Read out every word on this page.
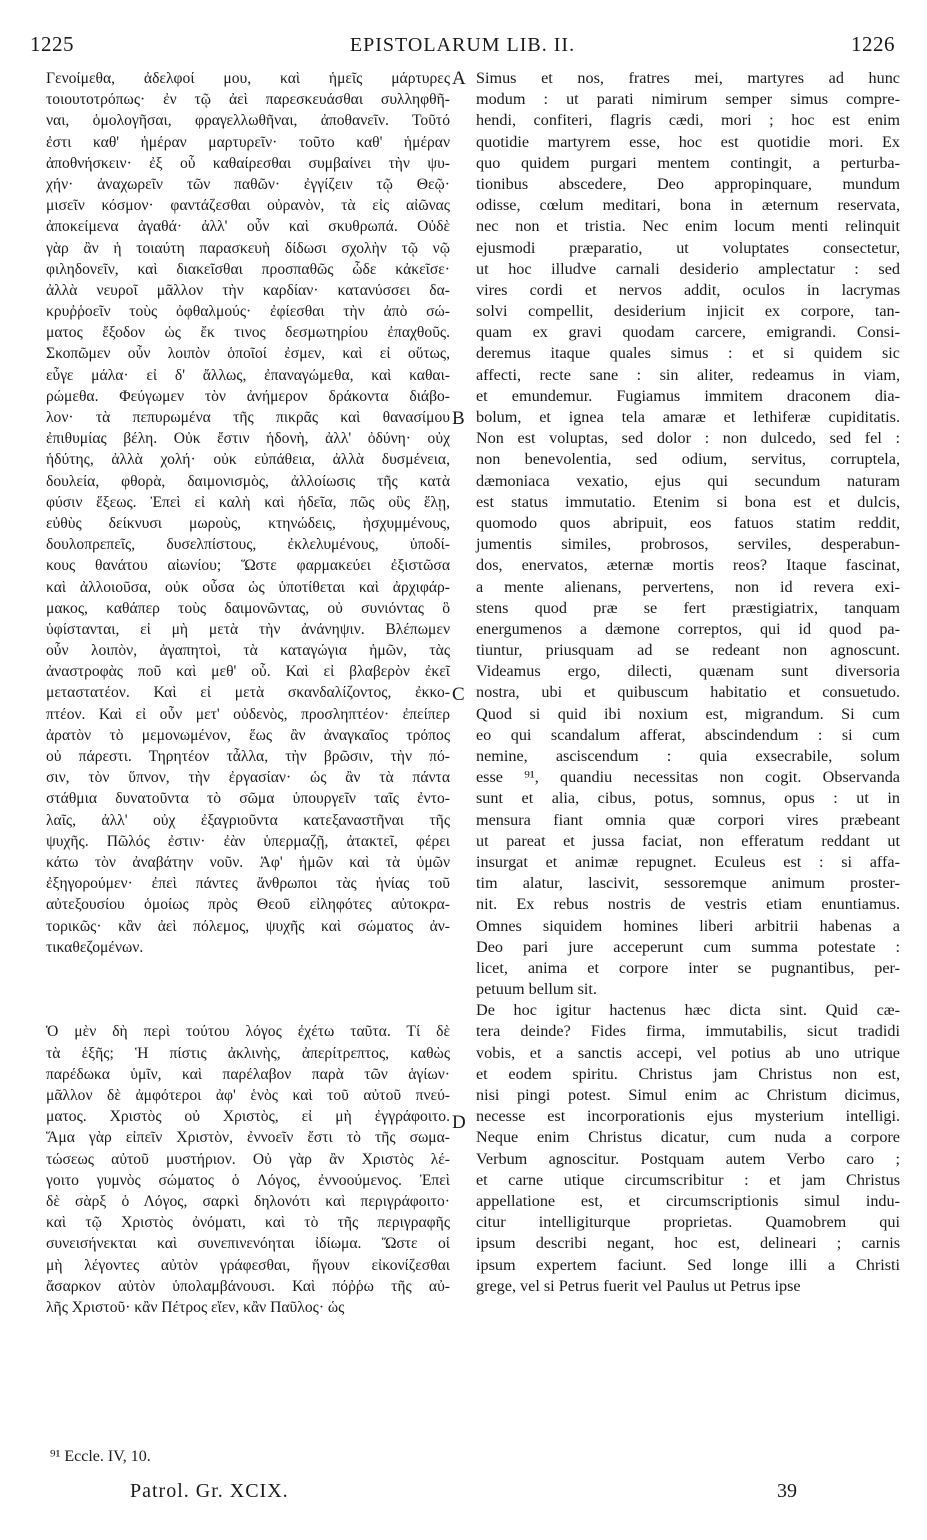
1225	EPISTOLARUM LIB. II.	1226
Γενοίμεθα, ἀδελφοί μου, καὶ ἡμεῖς μάρτυρες
τοιουτοτρόπως· ἐν τῷ ἀεὶ παρεσκευάσθαι συλληφθῆ-
ναι, ὁμολογῆσαι, φραγελλωθῆναι, ἀποθανεῖν. Τοῦτό
ἐστι καθ' ἡμέραν μαρτυρεῖν· τοῦτο καθ' ἡμέραν
ἀποθνήσκειν· ἐξ οὗ καθαίρεσθαι συμβαίνει τὴν ψυ-
χήν· ἀναχωρεῖν τῶν παθῶν· ἐγγίζειν τῷ Θεῷ·
μισεῖν κόσμον· φαντάζεσθαι οὐρανὸν, τὰ εἰς αἰῶνας
ἀποκείμενα ἀγαθά· ἀλλ' οὖν καὶ σκυθρωπά. Οὐδὲ
γὰρ ἂν ἡ τοιαύτη παρασκευὴ δίδωσι σχολὴν τῷ νῷ
φιληδονεῖν, καὶ διακεῖσθαι προσπαθῶς ὧδε κἀκεῖσε·
ἀλλὰ νευροῖ μᾶλλον τὴν καρδίαν· κατανύσσει δα-
κρυῤῥοεῖν τοὺς ὀφθαλμούς· ἐφίεσθαι τὴν ἀπὸ σώ-
ματος ἔξοδον ὡς ἔκ τινος δεσμωτηρίου ἐπαχθοῦς.
Σκοπῶμεν οὖν λοιπὸν ὁποῖοί ἐσμεν, καὶ εἰ οὕτως,
εὖγε μάλα· εἰ δ' ἄλλως, ἐπαναγώμεθα, καὶ καθαι-
ρώμεθα. Φεύγωμεν τὸν ἀνήμερον δράκοντα διάβο-
λον· τὰ πεπυρωμένα τῆς πικρᾶς καὶ θανασίμου
ἐπιθυμίας βέλη. Οὐκ ἔστιν ἡδονὴ, ἀλλ' ὀδύνη· οὐχ
ἡδύτης, ἀλλὰ χολή· οὐκ εὐπάθεια, ἀλλὰ δυσμένεια,
δουλεία, φθορὰ, δαιμονισμὸς, ἀλλοίωσις τῆς κατὰ
φύσιν ἕξεως. Ἐπεὶ εἰ καλὴ καὶ ἡδεῖα, πῶς οὓς ἕλῃ,
εὐθὺς δείκνυσι μωροὺς, κτηνώδεις, ἠσχυμμένους,
δουλοπρεπεῖς, δυσελπίστους, ἐκλελυμένους, ὑποδί-
κους θανάτου αἰωνίου; Ὥστε φαρμακεύει ἐξιστῶσα
καὶ ἀλλοιοῦσα, οὐκ οὖσα ὡς ὑποτίθεται καὶ ἀρχιφάρ-
μακος, καθάπερ τοὺς δαιμονῶντας, οὐ συνιόντας ὃ
ὑφίστανται, εἰ μὴ μετὰ τὴν ἀνάνηψιν. Βλέπωμεν
οὖν λοιπὸν, ἀγαπητοὶ, τὰ καταγώγια ἡμῶν, τὰς
ἀναστροφὰς ποῦ καὶ μεθ' οὗ. Καὶ εἰ βλαβερὸν ἐκεῖ
μεταστατέον. Καὶ εἰ μετὰ σκανδαλίζοντος, ἐκκο-
πτέον. Καὶ εἰ οὖν μετ' οὐδενὸς, προσληπτέον· ἐπείπερ
ἀρατὸν τὸ μεμονωμένον, ἕως ἂν ἀναγκαῖος τρόπος
οὐ πάρεστι. Τηρητέον τἆλλα, τὴν βρῶσιν, τὴν πό-
σιν, τὸν ὕπνον, τὴν ἐργασίαν· ὡς ἂν τὰ πάντα
στάθμια δυνατοῦντα τὸ σῶμα ὑπουργεῖν ταῖς ἐντο-
λαῖς, ἀλλ' οὐχ ἐξαγριοῦντα κατεξαναστῆναι τῆς
ψυχῆς. Πῶλός ἐστιν· ἐὰν ὑπερμαζῇ, ἀτακτεῖ, φέρει
κάτω τὸν ἀναβάτην νοῦν. Ἀφ' ἡμῶν καὶ τὰ ὑμῶν
ἐξηγορούμεν· ἐπεὶ πάντες ἄνθρωποι τὰς ἡνίας τοῦ
αὐτεξουσίου ὁμοίως πρὸς Θεοῦ εἰληφότες αὐτοκρα-
τορικῶς· κἂν ἀεὶ πόλεμος, ψυχῆς καὶ σώματος ἀν-
τικαθεζομένων.
Ὁ μὲν δὴ περὶ τούτου λόγος ἐχέτω ταῦτα. Τί δὲ
τὰ ἑξῆς; Ἡ πίστις ἀκλινὴς, ἀπερίτρεπτος, καθὼς
παρέδωκα ὑμῖν, καὶ παρέλαβον παρὰ τῶν ἁγίων·
μᾶλλον δὲ ἀμφότεροι ἀφ' ἑνὸς καὶ τοῦ αὐτοῦ πνεύ-
ματος. Χριστὸς οὐ Χριστὸς, εἰ μὴ ἐγγράφοιτο.
Ἅμα γὰρ εἰπεῖν Χριστὸν, ἐννοεῖν ἔστι τὸ τῆς σωμα-
τώσεως αὐτοῦ μυστήριον. Οὐ γὰρ ἂν Χριστὸς λέ-
γοιτο γυμνὸς σώματος ὁ Λόγος, ἐννοούμενος. Ἐπεὶ
δὲ σὰρξ ὁ Λόγος, σαρκὶ δηλονότι καὶ περιγράφοιτο·
καὶ τῷ Χριστὸς ὀνόματι, καὶ τὸ τῆς περιγραφῆς
συνεισήνεκται καὶ συνεπινενόηται ἰδίωμα. Ὥστε οἱ
μὴ λέγοντες αὐτὸν γράφεσθαι, ἥγουν εἰκονίζεσθαι
ἄσαρκον αὐτὸν ὑπολαμβάνουσι. Καὶ πόῤῥω τῆς αὐ-
λῆς Χριστοῦ· κἂν Πέτρος εἴεν, κἂν Παῦλος· ὡς
A
B
C
D
Simus et nos, fratres mei, martyres ad hunc
modum : ut parati nimirum semper simus compre-
hendi, confiteri, flagris cædi, mori ; hoc est enim
quotidie martyrem esse, hoc est quotidie mori. Ex
quo quidem purgari mentem contingit, a perturba-
tionibus abscedere, Deo appropinquare, mundum
odisse, cœlum meditari, bona in æternum reservata,
nec non et tristia. Nec enim locum menti relinquit
ejusmodi præparatio, ut voluptates consectetur,
ut hoc illudve carnali desiderio amplectatur : sed
vires cordi et nervos addit, oculos in lacrymas
solvi compellit, desiderium injicit ex corpore, tan-
quam ex gravi quodam carcere, emigrandi. Consi-
deremus itaque quales simus : et si quidem sic
affecti, recte sane : sin aliter, redeamus in viam,
et emundemur. Fugiamus immitem draconem dia-
bolum, et ignea tela amaræ et lethiferæ cupiditatis.
Non est voluptas, sed dolor : non dulcedo, sed fel :
non benevolentia, sed odium, servitus, corruptela,
dæmoniaca vexatio, ejus qui secundum naturam
est status immutatio. Etenim si bona est et dulcis,
quomodo quos abripuit, eos fatuos statim reddit,
jumentis similes, probrosos, serviles, desperabun-
dos, enervatos, æternæ mortis reos? Itaque fascinat,
a mente alienans, pervertens, non id revera exi-
stens quod præ se fert præstigiatrix, tanquam
energumenos a dæmone correptos, qui id quod pa-
tiuntur, priusquam ad se redeant non agnoscunt.
Videamus ergo, dilecti, quænam sunt diversoria
nostra, ubi et quibuscum habitatio et consuetudo.
Quod si quid ibi noxium est, migrandum. Si cum
eo qui scandalum afferat, abscindendum : si cum
nemine, asciscendum : quia exsecrabile, solum
esse ⁹¹, quandiu necessitas non cogit. Observanda
sunt et alia, cibus, potus, somnus, opus : ut in
mensura fiant omnia quæ corpori vires præbeant
ut pareat et jussa faciat, non efferatum reddant ut
insurgat et animæ repugnet. Eculeus est : si affa-
tim alatur, lascivit, sessoremque animum proster-
nit. Ex rebus nostris de vestris etiam enuntiamus.
Omnes siquidem homines liberi arbitrii habenas a
Deo pari jure acceperunt cum summa potestate :
licet, anima et corpore inter se pugnantibus, per-
petuum bellum sit.
De hoc igitur hactenus hæc dicta sint. Quid cæ-
tera deinde? Fides firma, immutabilis, sicut tradidi
vobis, et a sanctis accepi, vel potius ab uno utrique
et eodem spiritu. Christus jam Christus non est,
nisi pingi potest. Simul enim ac Christum dicimus,
necesse est incorporationis ejus mysterium intelligi.
Neque enim Christus dicatur, cum nuda a corpore
Verbum agnoscitur. Postquam autem Verbo caro ;
et carne utique circumscribitur : et jam Christus
appellatione est, et circumscriptionis simul indu-
citur intelligiturque proprietas. Quamobrem qui
ipsum describi negant, hoc est, delineari ; carnis
ipsum expertem faciunt. Sed longe illi a Christi
grege, vel si Petrus fuerit vel Paulus ut Petrus ipse
⁹¹ Eccle. IV, 10.
Patrol. Gr. XCIX.	39
